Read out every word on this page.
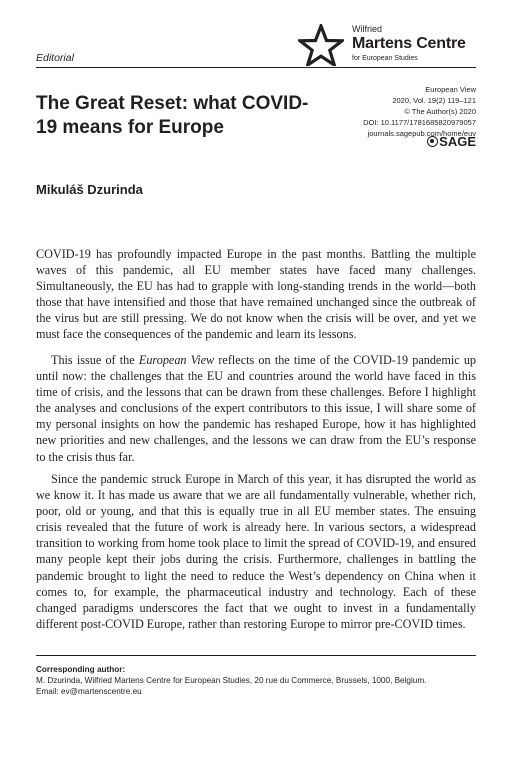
Editorial
Wilfried
Martens Centre
for European Studies
The Great Reset: what COVID-19 means for Europe
European View
2020, Vol. 19(2) 119–121
© The Author(s) 2020
DOI: 10.1177/1781685820979057
journals.sagepub.com/home/euv
SAGE
Mikuláš Dzurinda

COVID-19 has profoundly impacted Europe in the past months. Battling the multiple waves of this pandemic, all EU member states have faced many challenges. Simultaneously, the EU has had to grapple with long-standing trends in the world—both those that have intensified and those that have remained unchanged since the outbreak of the virus but are still pressing. We do not know when the crisis will be over, and yet we must face the consequences of the pandemic and learn its lessons.

This issue of the European View reflects on the time of the COVID-19 pandemic up until now: the challenges that the EU and countries around the world have faced in this time of crisis, and the lessons that can be drawn from these challenges. Before I highlight the analyses and conclusions of the expert contributors to this issue, I will share some of my personal insights on how the pandemic has reshaped Europe, how it has highlighted new priorities and new challenges, and the lessons we can draw from the EU’s response to the crisis thus far.

Since the pandemic struck Europe in March of this year, it has disrupted the world as we know it. It has made us aware that we are all fundamentally vulnerable, whether rich, poor, old or young, and that this is equally true in all EU member states. The ensuing crisis revealed that the future of work is already here. In various sectors, a widespread transition to working from home took place to limit the spread of COVID-19, and ensured many people kept their jobs during the crisis. Furthermore, challenges in battling the pandemic brought to light the need to reduce the West’s dependency on China when it comes to, for example, the pharmaceutical industry and technology. Each of these changed paradigms underscores the fact that we ought to invest in a fundamentally different post-COVID Europe, rather than restoring Europe to mirror pre-COVID times.

Corresponding author:
M. Dzurinda, Wilfried Martens Centre for European Studies, 20 rue du Commerce, Brussels, 1000, Belgium.
Email: ev@martenscentre.eu
